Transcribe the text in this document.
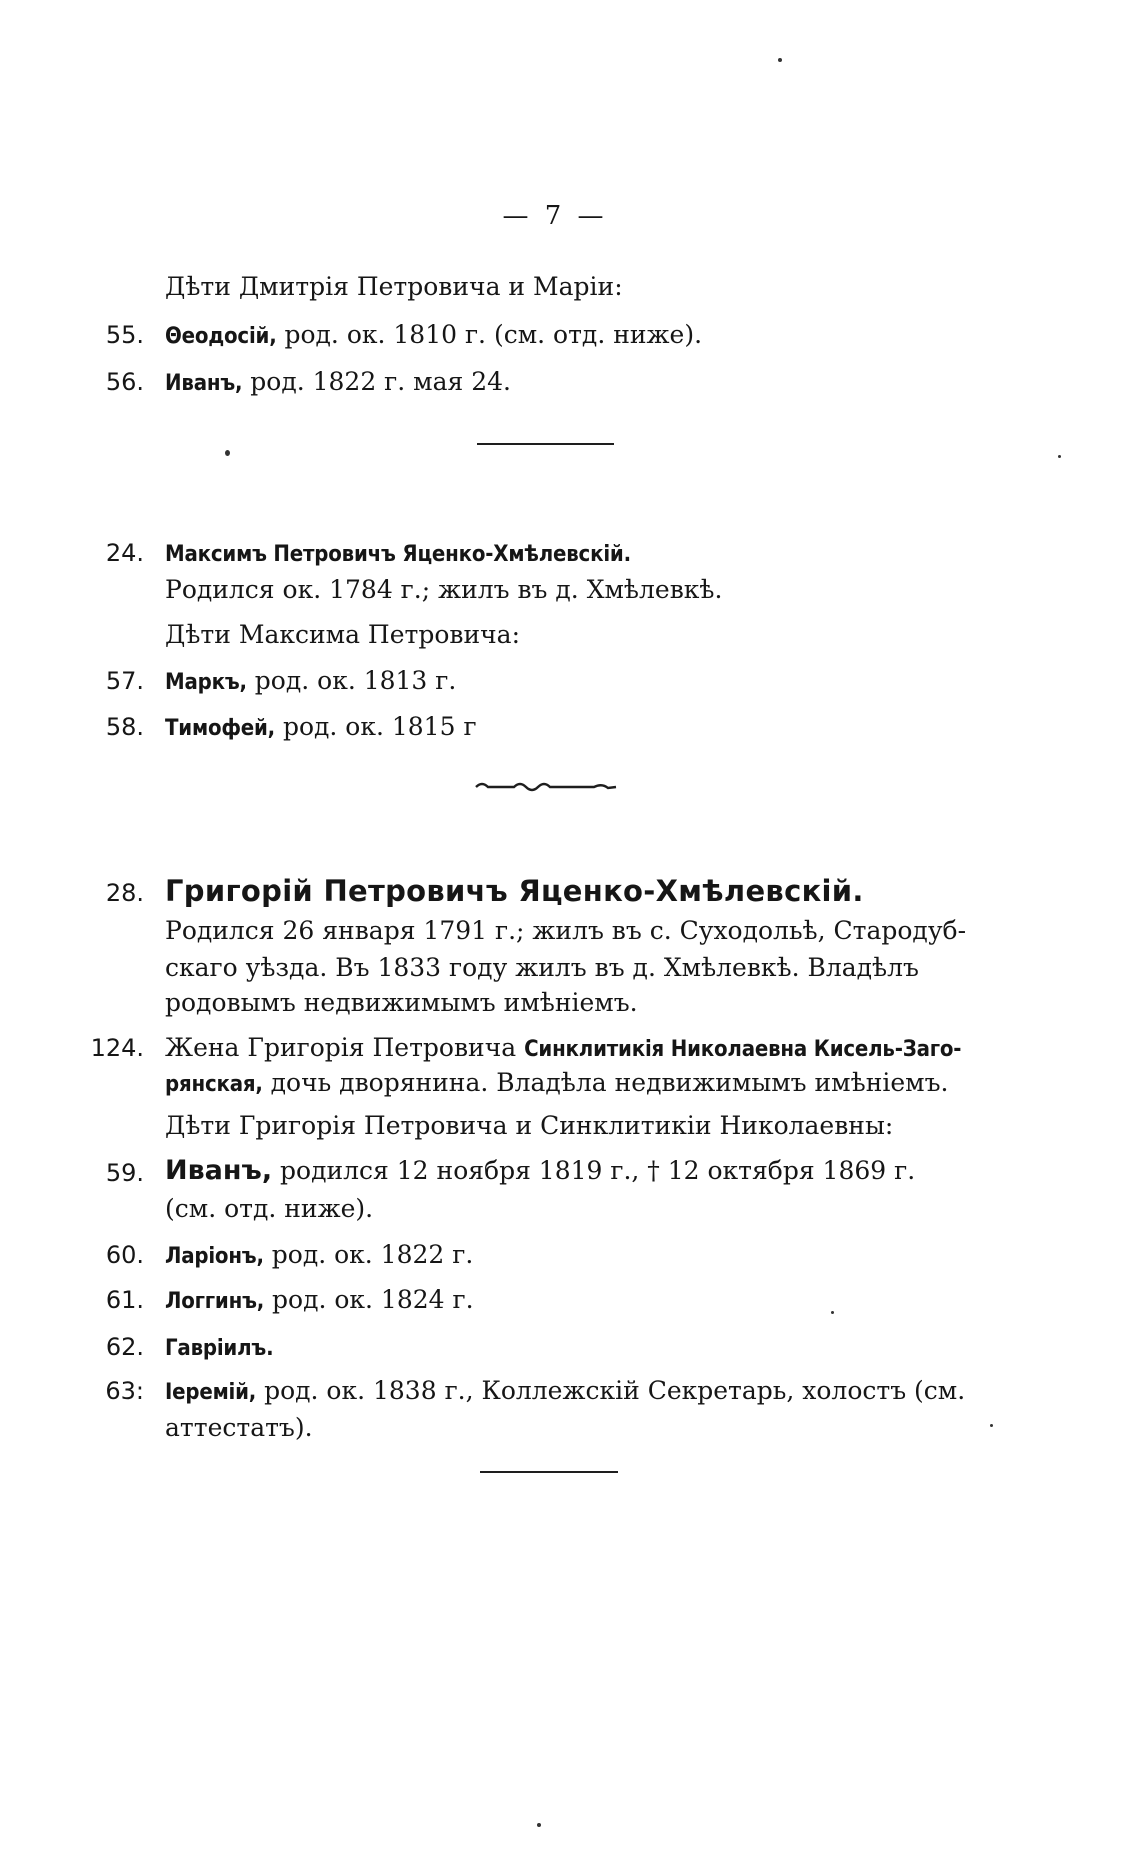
— 7 —
Дѣти Дмитрія Петровича и Маріи:
55. Θеодосій, род. ок. 1810 г. (см. отд. ниже).
56. Иванъ, род. 1822 г. мая 24.
24. Максимъ Петровичъ Яценко-Хмѣлевскій.
Родился ок. 1784 г.; жилъ въ д. Хмѣлевкѣ.
Дѣти Максима Петровича:
57. Маркъ, род. ок. 1813 г.
58. Тимофей, род. ок. 1815 г
28. Григорій Петровичъ Яценко-Хмѣлевскій.
Родился 26 января 1791 г.; жилъ въ с. Суходольѣ, Стародуб-
скаго уѣзда. Въ 1833 году жилъ въ д. Хмѣлевкѣ. Владѣлъ
родовымъ недвижимымъ имѣніемъ.
124. Жена Григорія Петровича Синклитикія Николаевна Кисель-Заго-
рянская, дочь дворянина. Владѣла недвижимымъ имѣніемъ.
Дѣти Григорія Петровича и Синклитикіи Николаевны:
59. Иванъ, родился 12 ноября 1819 г., † 12 октября 1869 г.
(см. отд. ниже).
60. Ларіонъ, род. ок. 1822 г.
61. Логгинъ, род. ок. 1824 г.
62. Гавріилъ.
63: Іеремій, род. ок. 1838 г., Коллежскій Секретарь, холостъ (см.
аттестатъ).
